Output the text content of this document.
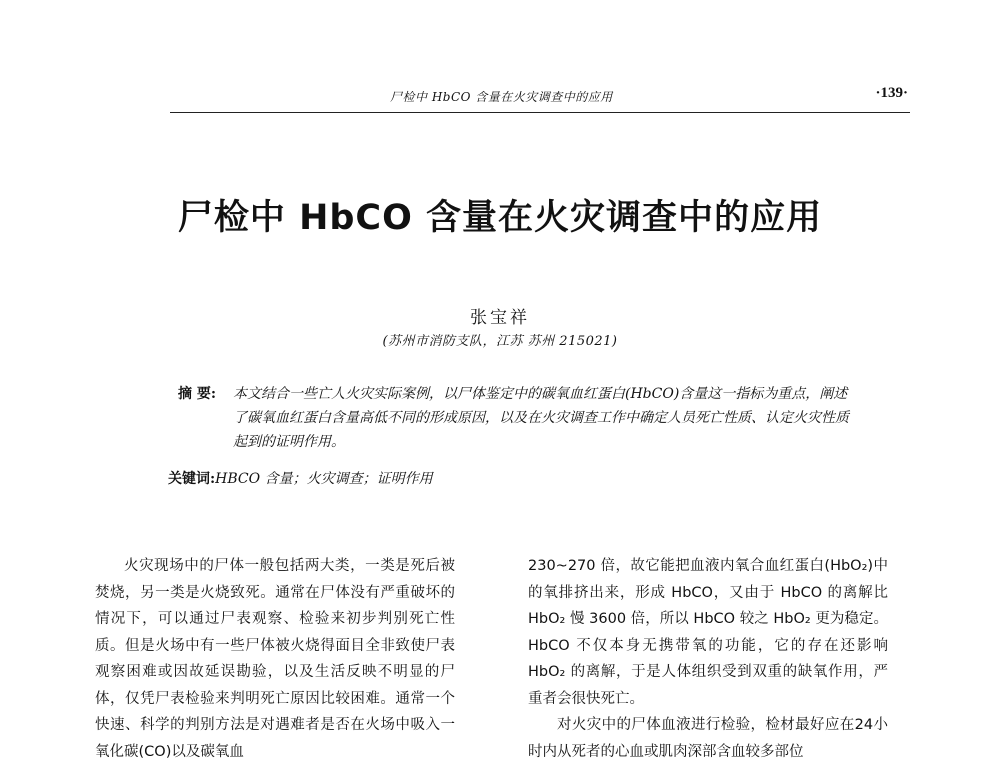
尸检中 HbCO 含量在火灾调查中的应用	·139·
尸检中 HbCO 含量在火灾调查中的应用
张宝祥
(苏州市消防支队，江苏 苏州 215021)
摘 要: 本文结合一些亡人火灾实际案例，以尸体鉴定中的碳氧血红蛋白(HbCO)含量这一指标为重点，阐述了碳氧血红蛋白含量高低不同的形成原因，以及在火灾调查工作中确定人员死亡性质、认定火灾性质起到的证明作用。
关键词:HBCO 含量；火灾调查；证明作用

火灾现场中的尸体一般包括两大类，一类是死后被焚烧，另一类是火烧致死。通常在尸体没有严重破坏的情况下，可以通过尸表观察、检验来初步判别死亡性质。但是火场中有一些尸体被火烧得面目全非致使尸表观察困难或因故延误勘验，以及生活反映不明显的尸体，仅凭尸表检验来判明死亡原因比较困难。通常一个快速、科学的判别方法是对遇难者是否在火场中吸入一氧化碳(CO)以及碳氧血

230~270 倍，故它能把血液内氧合血红蛋白(HbO₂)中的氧排挤出来，形成 HbCO，又由于 HbCO 的离解比 HbO₂ 慢 3600 倍，所以 HbCO 较之 HbO₂ 更为稳定。HbCO 不仅本身无携带氧的功能，它的存在还影响 HbO₂ 的离解，于是人体组织受到双重的缺氧作用，严重者会很快死亡。

对火灾中的尸体血液进行检验，检材最好应在24小时内从死者的心血或肌肉深部含血较多部位
